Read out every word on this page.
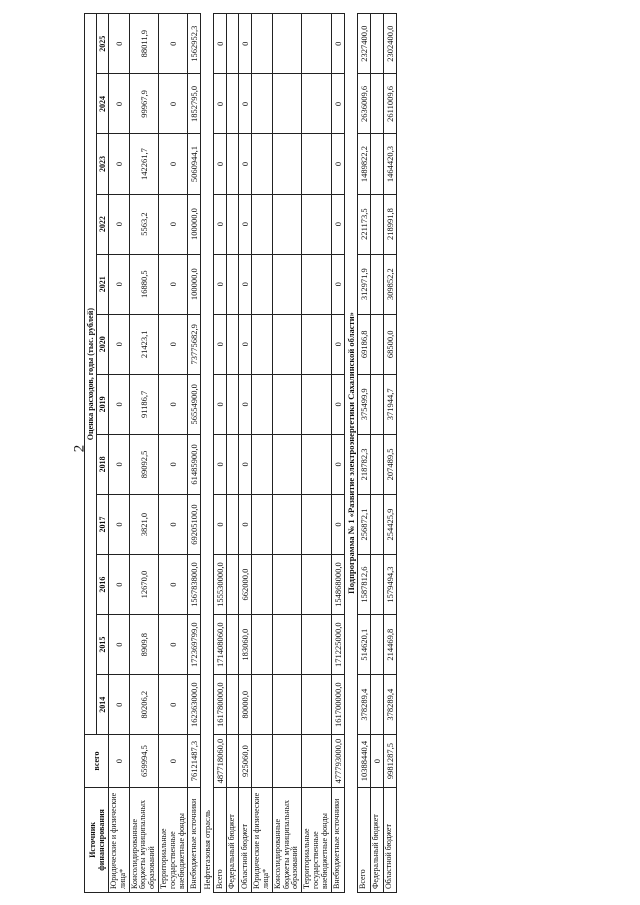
2
Источник финансирования	всего	Оценка расходов, годы (тыс. рублей)											
		2014	2015	2016	2017	2018	2019	2020	2021	2022	2023	2024	2025
Юридические и физические лица*	0	0	0	0	0	0	0	0	0	0	0	0	0
Консолидированные бюджеты муниципальных образований	659994,5	80206,2	8909,8	12670,0	3821,0	89092,5	91186,7	21423,1	16880,5	5563,2	142261,7	99967,9	88011,9
Территориальные государственные внебюджетные фонды	0	0	0	0	0	0	0	0	0	0	0	0	0
Внебюджетные источники	76121487,3	162363000,0	172369799,0	156783800,0	69205100,0	61485900,0	56554900,0	73775682,9	100000,0	100000,0	5060944,1	1852795,0	1562952,3
Нефтегазовая отрасль													
Всего	487718060,0	161780000,0	171408060,0	155530000,0	0	0	0	0	0	0	0	0	0
Федеральный бюджет													
Областной бюджет	925060,0	80000,0	183060,0	662000,0	0	0	0	0	0	0	0	0	0
Юридические и физические лица*													
Консолидированные бюджеты муниципальных образований													
Территориальные государственные внебюджетные фонды													
Внебюджетные источники	477793000,0	161700000,0	171225000,0	154868000,0	0	0	0	0	0	0	0	0	0
Подпрограмма № 1 «Развитие электроэнергетики Сахалинской области»													
Всего	10388440,4	378289,4	514620,1	1587812,6	256872,1	218782,3	375499,9	69186,8	312971,9	221173,5	1489822,2	2636009,6	2327400,0
Федеральный бюджет	0												
Областной бюджет	9981287,5	378289,4	214469,8	1579494,3	254425,9	207489,5	371944,7	68500,0	309852,2	218991,8	1464420,3	2611009,6	2302400,0
